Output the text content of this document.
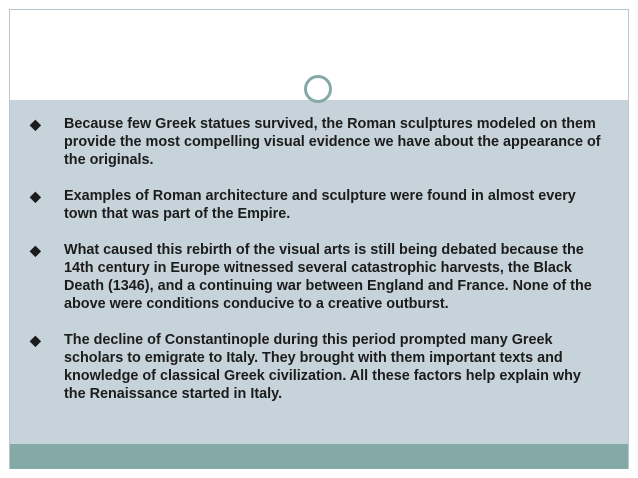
◆ Because few Greek statues survived, the Roman sculptures modeled on them provide the most compelling visual evidence we have about the appearance of the originals.
◆ Examples of Roman architecture and sculpture were found in almost every town that was part of the Empire.
◆ What caused this rebirth of the visual arts is still being debated because the 14th century in Europe witnessed several catastrophic harvests, the Black Death (1346), and a continuing war between England and France. None of the above were conditions conducive to a creative outburst.
◆ The decline of Constantinople during this period prompted many Greek scholars to emigrate to Italy. They brought with them important texts and knowledge of classical Greek civilization. All these factors help explain why the Renaissance started in Italy.
